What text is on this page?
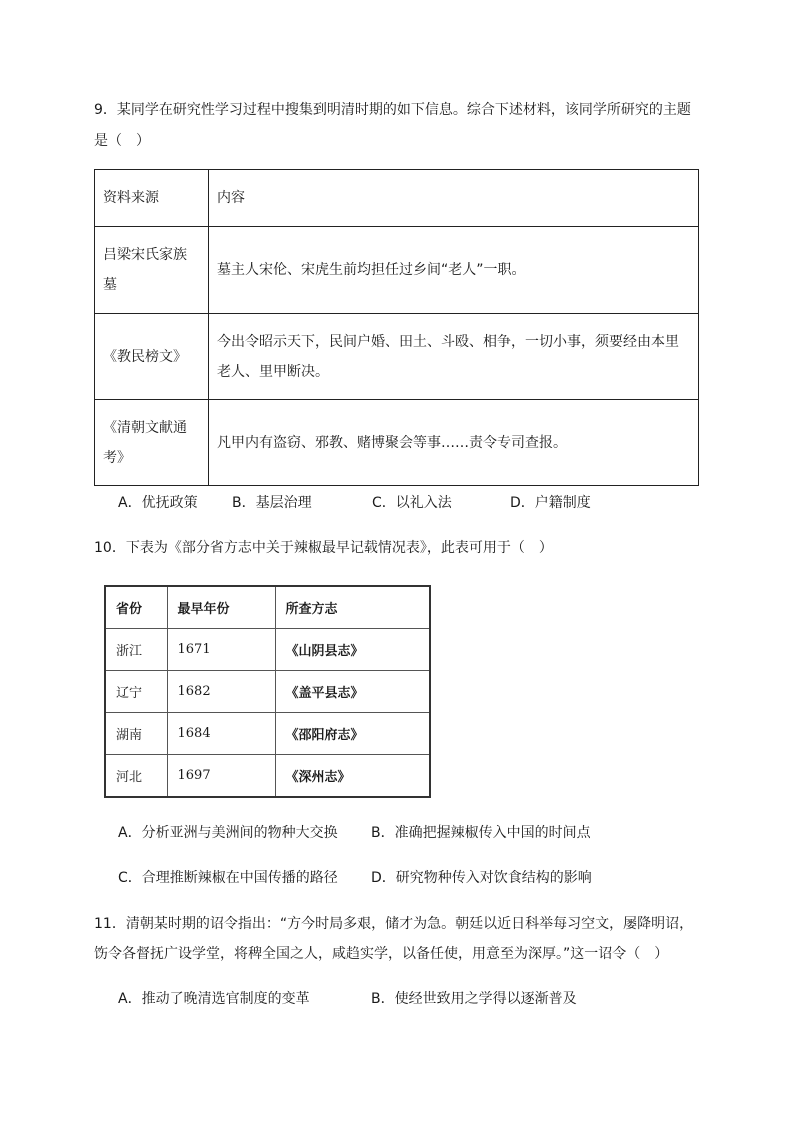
9．某同学在研究性学习过程中搜集到明清时期的如下信息。综合下述材料，该同学所研究的主题
是（　）
资料来源	内容

吕梁宋氏家族
墓	墓主人宋伦、宋虎生前均担任过乡间“老人”一职。

《教民榜文》	今出令昭示天下，民间户婚、田土、斗殴、相争，一切小事，须要经由本里
老人、里甲断决。

《清朝文献通
考》	凡甲内有盗窃、邪教、赌博聚会等事……责令专司查报。
A．优抚政策 B．基层治理	C．以礼入法	D．户籍制度
10．下表为《部分省方志中关于辣椒最早记载情况表》，此表可用于（　）
省份	最早年份	所查方志
浙江	1671	《山阴县志》
辽宁	1682	《盖平县志》
湖南	1684	《邵阳府志》
河北	1697	《深州志》
A．分析亚洲与美洲间的物种大交换 B．准确把握辣椒传入中国的时间点
C．合理推断辣椒在中国传播的路径 D．研究物种传入对饮食结构的影响
11．清朝某时期的诏令指出：“方今时局多艰，储才为急。朝廷以近日科举每习空文，屡降明诏，
饬令各督抚广设学堂，将稗全国之人，咸趋实学，以备任使，用意至为深厚。”这一诏令（　）
A．推动了晚清选官制度的变革	B．使经世致用之学得以逐渐普及
